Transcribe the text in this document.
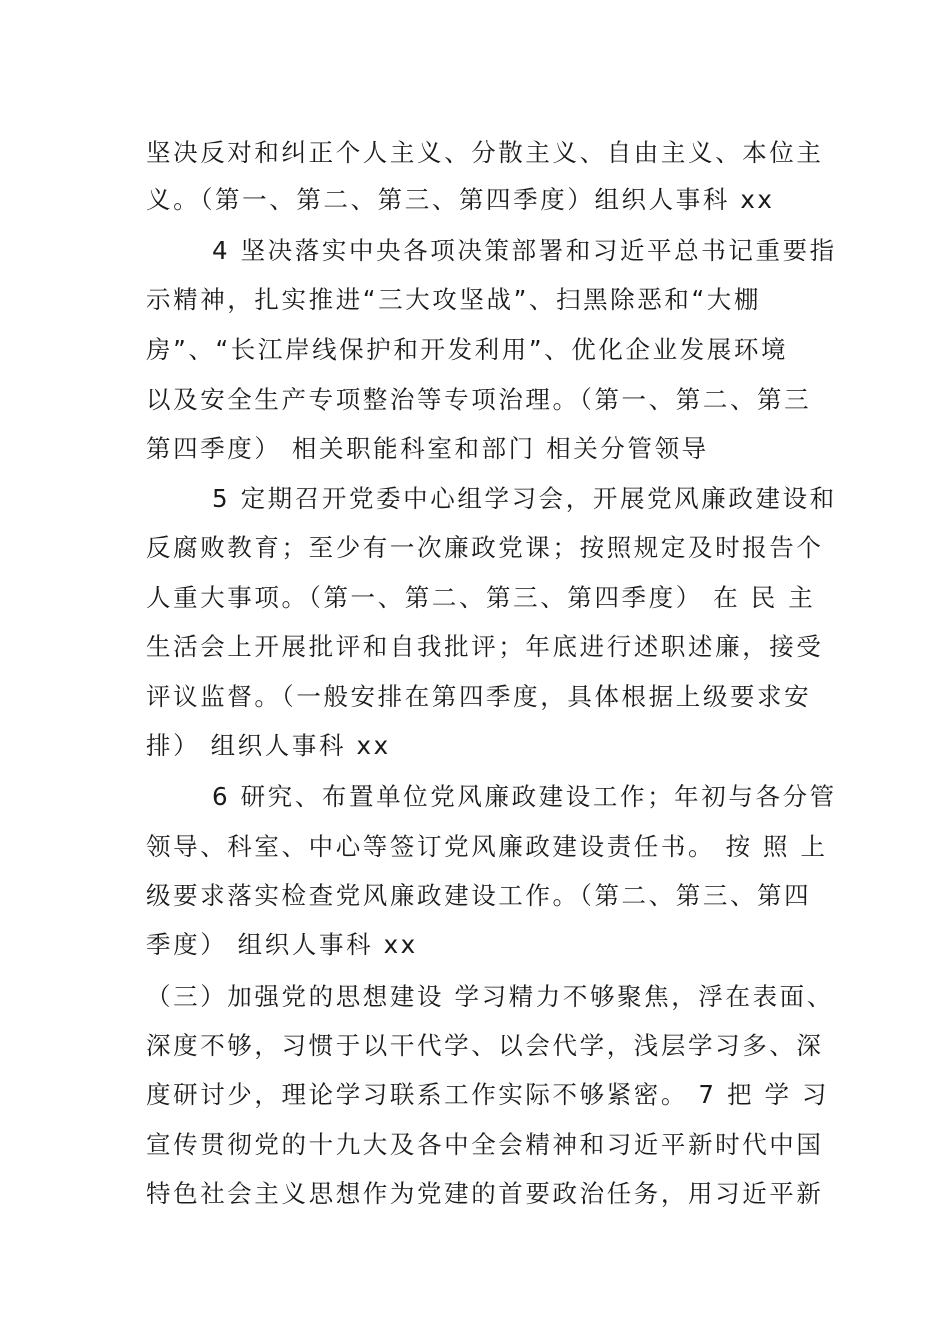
坚决反对和纠正个人主义、分散主义、自由主义、本位主
义。（第一、第二、第三、第四季度）组织人事科 xx
4 坚决落实中央各项决策部署和习近平总书记重要指
示精神，扎实推进“三大攻坚战”、扫黑除恶和“大棚
房”、“长江岸线保护和开发利用”、优化企业发展环境
以及安全生产专项整治等专项治理。（第一、第二、第三
第四季度） 相关职能科室和部门 相关分管领导
5 定期召开党委中心组学习会，开展党风廉政建设和
反腐败教育；至少有一次廉政党课；按照规定及时报告个
人重大事项。（第一、第二、第三、第四季度） 在 民 主
生活会上开展批评和自我批评；年底进行述职述廉，接受
评议监督。（一般安排在第四季度，具体根据上级要求安
排） 组织人事科 xx
6 研究、布置单位党风廉政建设工作；年初与各分管
领导、科室、中心等签订党风廉政建设责任书。 按 照 上
级要求落实检查党风廉政建设工作。（第二、第三、第四
季度） 组织人事科 xx
（三）加强党的思想建设 学习精力不够聚焦，浮在表面、
深度不够，习惯于以干代学、以会代学，浅层学习多、深
度研讨少，理论学习联系工作实际不够紧密。 7 把 学 习
宣传贯彻党的十九大及各中全会精神和习近平新时代中国
特色社会主义思想作为党建的首要政治任务，用习近平新
